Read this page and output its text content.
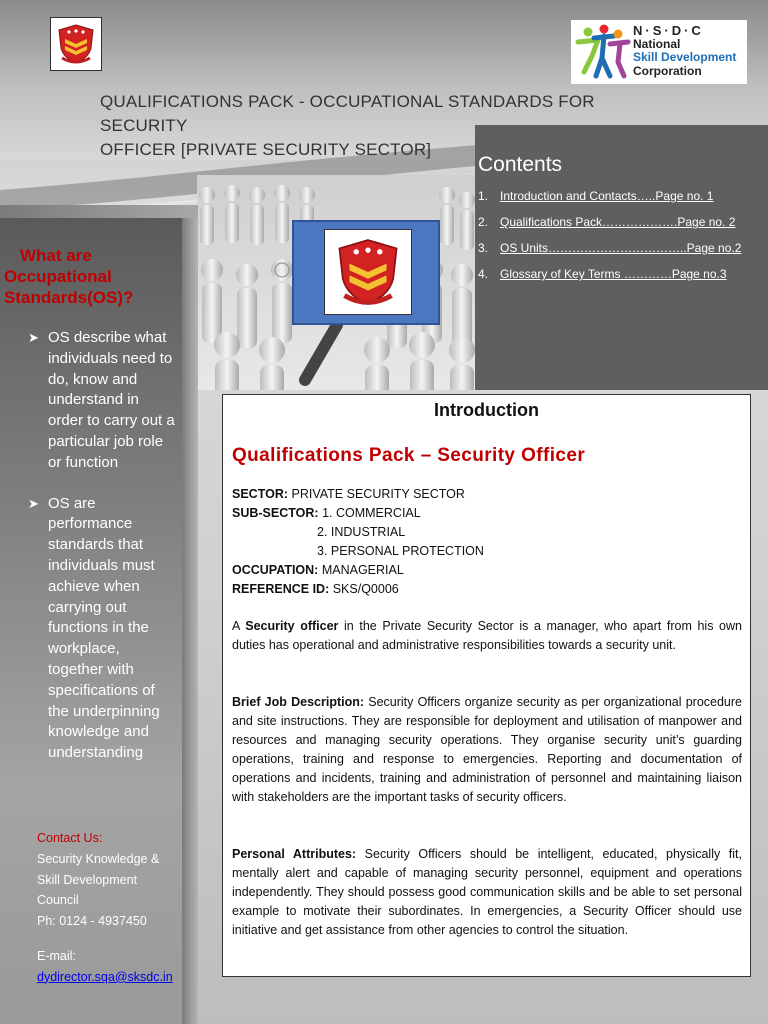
N·S·D·C
National
Skill Development
Corporation
QUALIFICATIONS PACK - OCCUPATIONAL STANDARDS FOR SECURITY
OFFICER [PRIVATE SECURITY SECTOR]
Contents
1. Introduction and Contacts…..Page no. 1
2. Qualifications Pack……………….Page no. 2
3. OS Units……………………………..Page no.2
4. Glossary of Key Terms …………Page no.3
What are
Occupational
Standards(OS)?
➤ OS describe what individuals need to do, know and understand in order to carry out a particular job role or function
➤ OS are performance standards that individuals must achieve when carrying out functions in the workplace, together with specifications of the underpinning knowledge and understanding
Contact Us:
Security Knowledge &
Skill Development
Council
Ph: 0124 - 4937450
E-mail:
dydirector.sqa@sksdc.in
Introduction
Qualifications Pack – Security Officer
SECTOR: PRIVATE SECURITY SECTOR
SUB-SECTOR: 1. COMMERCIAL
2. INDUSTRIAL
3. PERSONAL PROTECTION
OCCUPATION: MANAGERIAL
REFERENCE ID: SKS/Q0006
A Security officer in the Private Security Sector is a manager, who apart from his own duties has operational and administrative responsibilities towards a security unit.
Brief Job Description: Security Officers organize security as per organizational procedure and site instructions. They are responsible for deployment and utilisation of manpower and resources and managing security operations. They organise security unit’s guarding operations, training and response to emergencies. Reporting and documentation of operations and incidents, training and administration of personnel and maintaining liaison with stakeholders are the important tasks of security officers.
Personal Attributes: Security Officers should be intelligent, educated, physically fit, mentally alert and capable of managing security personnel, equipment and operations independently. They should possess good communication skills and be able to set personal example to motivate their subordinates. In emergencies, a Security Officer should use initiative and get assistance from other agencies to control the situation.
